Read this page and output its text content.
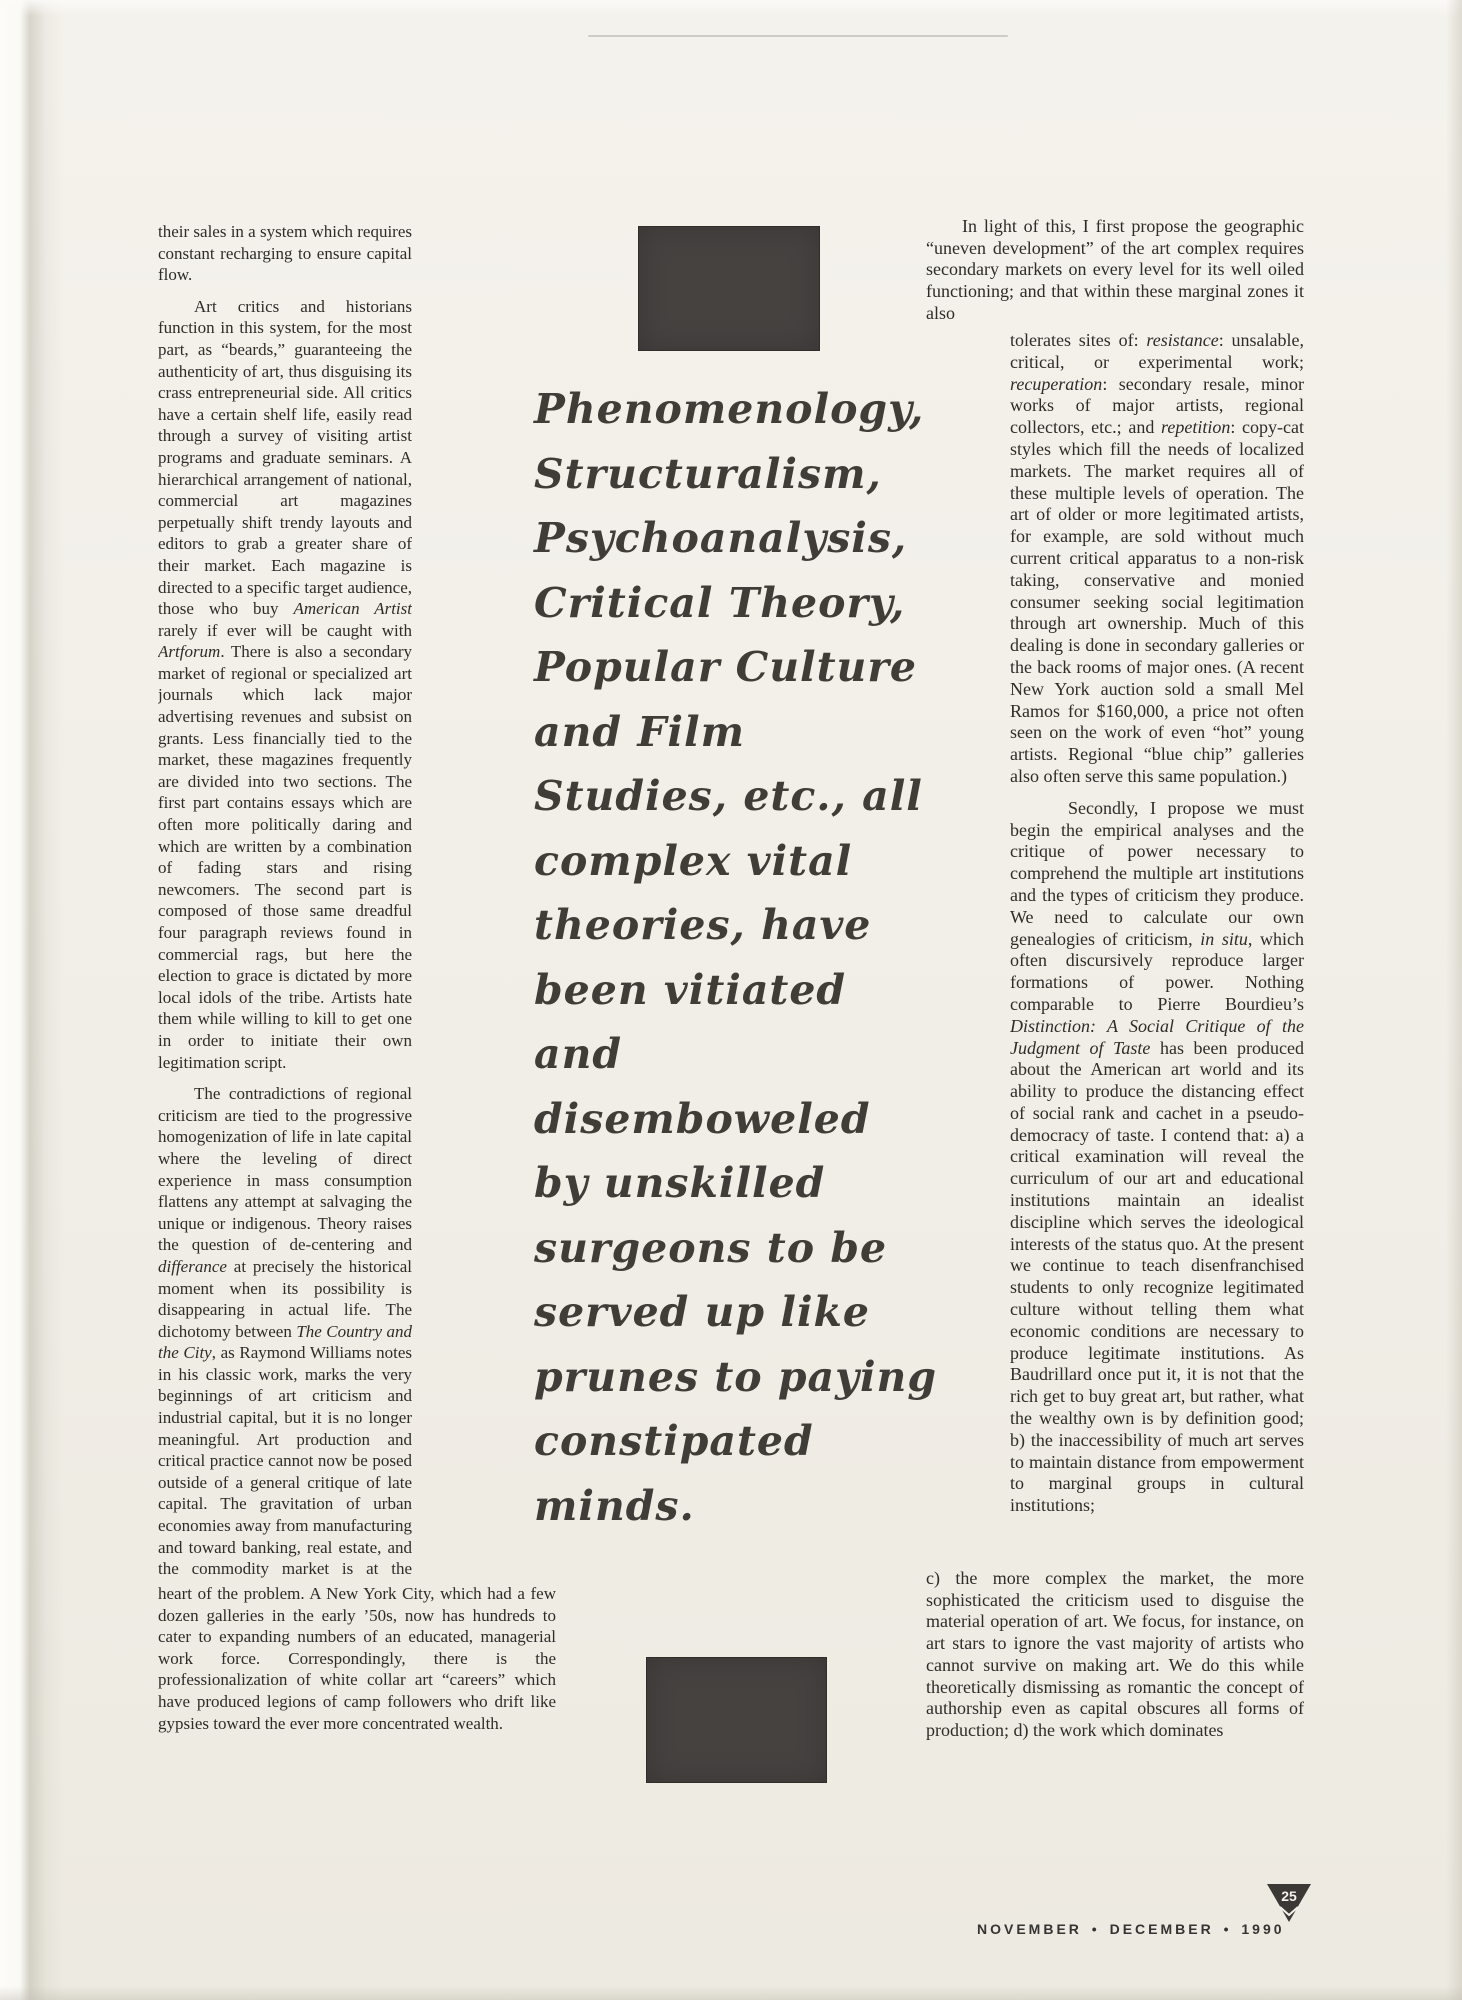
their sales in a system which requires constant recharging to ensure capital flow.

Art critics and historians function in this system, for the most part, as “beards,” guaranteeing the authenticity of art, thus disguising its crass entrepreneurial side. All critics have a certain shelf life, easily read through a survey of visiting artist programs and graduate seminars. A hierarchical arrangement of national, commercial art magazines perpetually shift trendy layouts and editors to grab a greater share of their market. Each magazine is directed to a specific target audience, those who buy American Artist rarely if ever will be caught with Artforum. There is also a secondary market of regional or specialized art journals which lack major advertising revenues and subsist on grants. Less financially tied to the market, these magazines frequently are divided into two sections. The first part contains essays which are often more politically daring and which are written by a combination of fading stars and rising newcomers. The second part is composed of those same dreadful four paragraph reviews found in commercial rags, but here the election to grace is dictated by more local idols of the tribe. Artists hate them while willing to kill to get one in order to initiate their own legitimation script.

The contradictions of regional criticism are tied to the progressive homogenization of life in late capital where the leveling of direct experience in mass consumption flattens any attempt at salvaging the unique or indigenous. Theory raises the question of de-centering and differance at precisely the historical moment when its possibility is disappearing in actual life. The dichotomy between The Country and the City, as Raymond Williams notes in his classic work, marks the very beginnings of art criticism and industrial capital, but it is no longer meaningful. Art production and critical practice cannot now be posed outside of a general critique of late capital. The gravitation of urban economies away from manufacturing and toward banking, real estate, and the commodity market is at the

heart of the problem. A New York City, which had a few dozen galleries in the early ’50s, now has hundreds to cater to expanding numbers of an educated, managerial work force. Correspondingly, there is the professionalization of white collar art “careers” which have produced legions of camp followers who drift like gypsies toward the ever more concentrated wealth.

Phenomenology,
Structuralism,
Psychoanalysis,
Critical Theory,
Popular Culture
and Film
Studies, etc., all
complex vital
theories, have
been vitiated
and
disemboweled
by unskilled
surgeons to be
served up like
prunes to paying
constipated
minds.

In light of this, I first propose the geographic “uneven development” of the art complex requires secondary markets on every level for its well oiled functioning; and that within these marginal zones it also

tolerates sites of: resistance: unsalable, critical, or experimental work; recuperation: secondary resale, minor works of major artists, regional collectors, etc.; and repetition: copy-cat styles which fill the needs of localized markets. The market requires all of these multiple levels of operation. The art of older or more legitimated artists, for example, are sold without much current critical apparatus to a non-risk taking, conservative and monied consumer seeking social legitimation through art ownership. Much of this dealing is done in secondary galleries or the back rooms of major ones. (A recent New York auction sold a small Mel Ramos for $160,000, a price not often seen on the work of even “hot” young artists. Regional “blue chip” galleries also often serve this same population.)

Secondly, I propose we must begin the empirical analyses and the critique of power necessary to comprehend the multiple art institutions and the types of criticism they produce. We need to calculate our own genealogies of criticism, in situ, which often discursively reproduce larger formations of power. Nothing comparable to Pierre Bourdieu’s Distinction: A Social Critique of the Judgment of Taste has been produced about the American art world and its ability to produce the distancing effect of social rank and cachet in a pseudo-democracy of taste. I contend that: a) a critical examination will reveal the curriculum of our art and educational institutions maintain an idealist discipline which serves the ideological interests of the status quo. At the present we continue to teach disenfranchised students to only recognize legitimated culture without telling them what economic conditions are necessary to produce legitimate institutions. As Baudrillard once put it, it is not that the rich get to buy great art, but rather, what the wealthy own is by definition good; b) the inaccessibility of much art serves to maintain distance from empowerment to marginal groups in cultural institutions;

c) the more complex the market, the more sophisticated the criticism used to disguise the material operation of art. We focus, for instance, on art stars to ignore the vast majority of artists who cannot survive on making art. We do this while theoretically dismissing as romantic the concept of authorship even as capital obscures all forms of production; d) the work which dominates

NOVEMBER • DECEMBER • 1990
25
